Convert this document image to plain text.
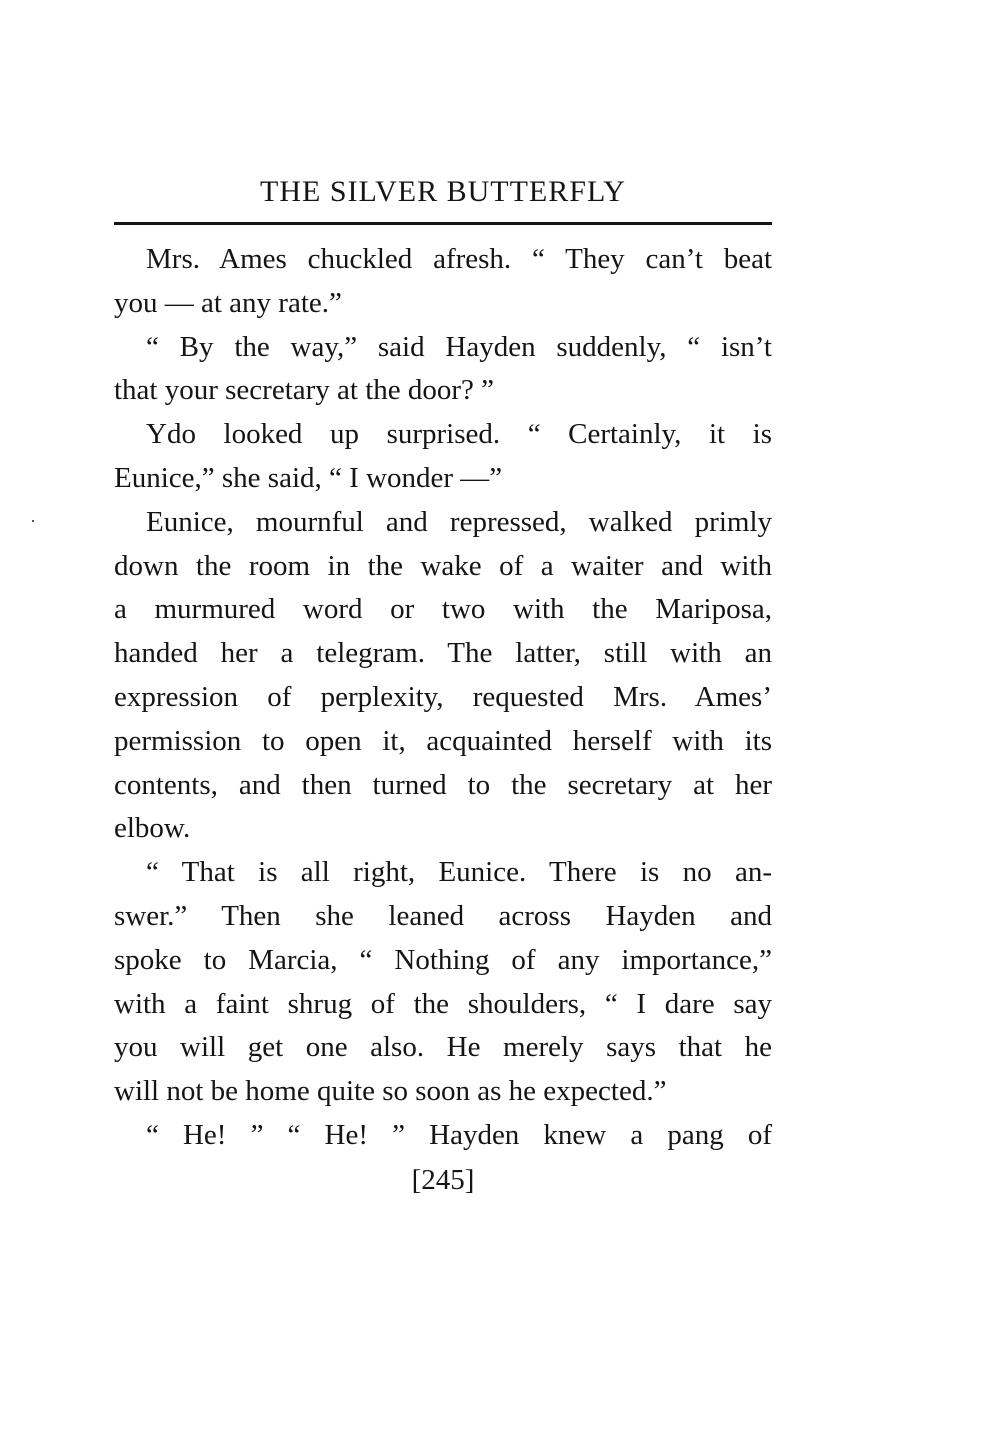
THE SILVER BUTTERFLY
Mrs. Ames chuckled afresh. “ They can’t beat
you — at any rate.”
“ By the way,” said Hayden suddenly, “ isn’t
that your secretary at the door? ”
Ydo looked up surprised. “ Certainly, it is
Eunice,” she said, “ I wonder —”
Eunice, mournful and repressed, walked primly
down the room in the wake of a waiter and with
a murmured word or two with the Mariposa,
handed her a telegram. The latter, still with an
expression of perplexity, requested Mrs. Ames’
permission to open it, acquainted herself with its
contents, and then turned to the secretary at her
elbow.
“ That is all right, Eunice. There is no an-
swer.” Then she leaned across Hayden and
spoke to Marcia, “ Nothing of any importance,”
with a faint shrug of the shoulders, “ I dare say
you will get one also. He merely says that he
will not be home quite so soon as he expected.”
“ He! ” “ He! ” Hayden knew a pang of
[245]
